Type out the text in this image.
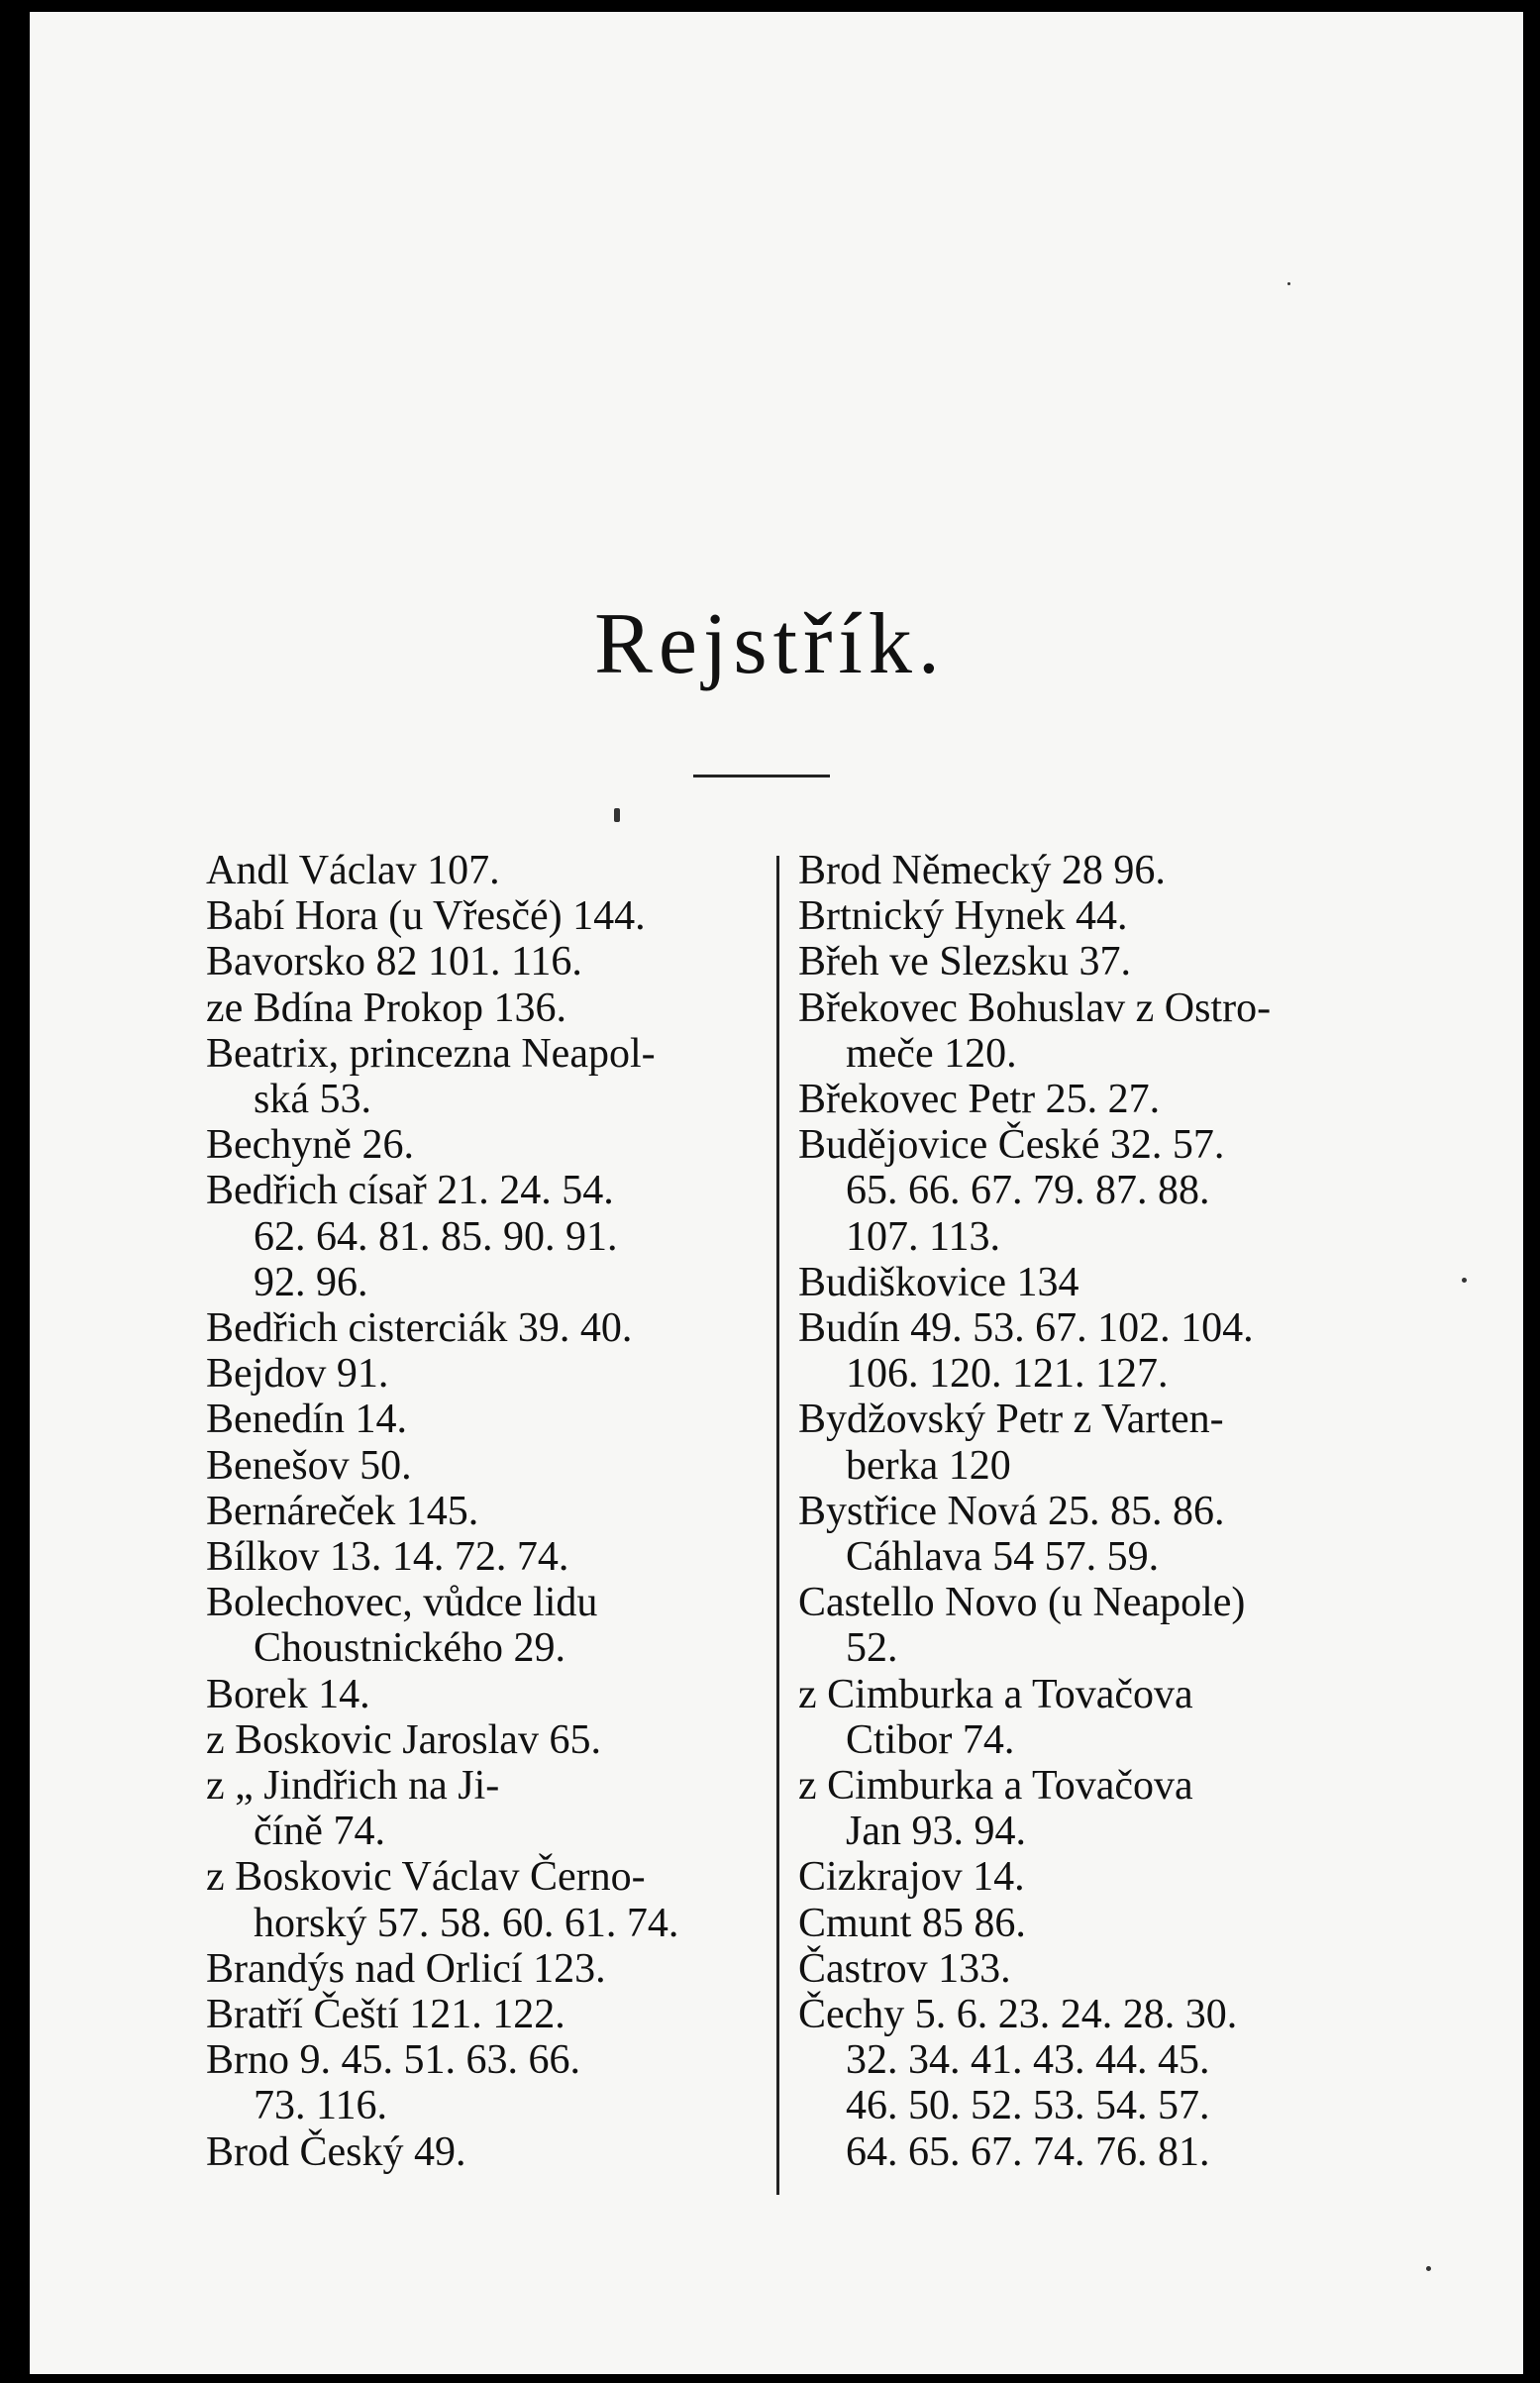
Rejstřík.
Andl Václav 107.
Babí Hora (u Vřesčé) 144.
Bavorsko 82 101. 116.
ze Bdína Prokop 136.
Beatrix, princezna Neapol-
ská 53.
Bechyně 26.
Bedřich císař 21. 24. 54.
62. 64. 81. 85. 90. 91.
92. 96.
Bedřich cisterciák 39. 40.
Bejdov 91.
Benedín 14.
Benešov 50.
Bernáreček 145.
Bílkov 13. 14. 72. 74.
Bolechovec, vůdce lidu
Choustnického 29.
Borek 14.
z Boskovic Jaroslav 65.
z „ Jindřich na Ji-
číně 74.
z Boskovic Václav Černo-
horský 57. 58. 60. 61. 74.
Brandýs nad Orlicí 123.
Bratří Čeští 121. 122.
Brno 9. 45. 51. 63. 66.
73. 116.
Brod Český 49.
Brod Německý 28 96.
Brtnický Hynek 44.
Břeh ve Slezsku 37.
Břekovec Bohuslav z Ostro-
meče 120.
Břekovec Petr 25. 27.
Budějovice České 32. 57.
65. 66. 67. 79. 87. 88.
107. 113.
Budiškovice 134
Budín 49. 53. 67. 102. 104.
106. 120. 121. 127.
Bydžovský Petr z Varten-
berka 120
Bystřice Nová 25. 85. 86.
Cáhlava 54 57. 59.
Castello Novo (u Neapole)
52.
z Cimburka a Tovačova
Ctibor 74.
z Cimburka a Tovačova
Jan 93. 94.
Cizkrajov 14.
Cmunt 85 86.
Častrov 133.
Čechy 5. 6. 23. 24. 28. 30.
32. 34. 41. 43. 44. 45.
46. 50. 52. 53. 54. 57.
64. 65. 67. 74. 76. 81.
